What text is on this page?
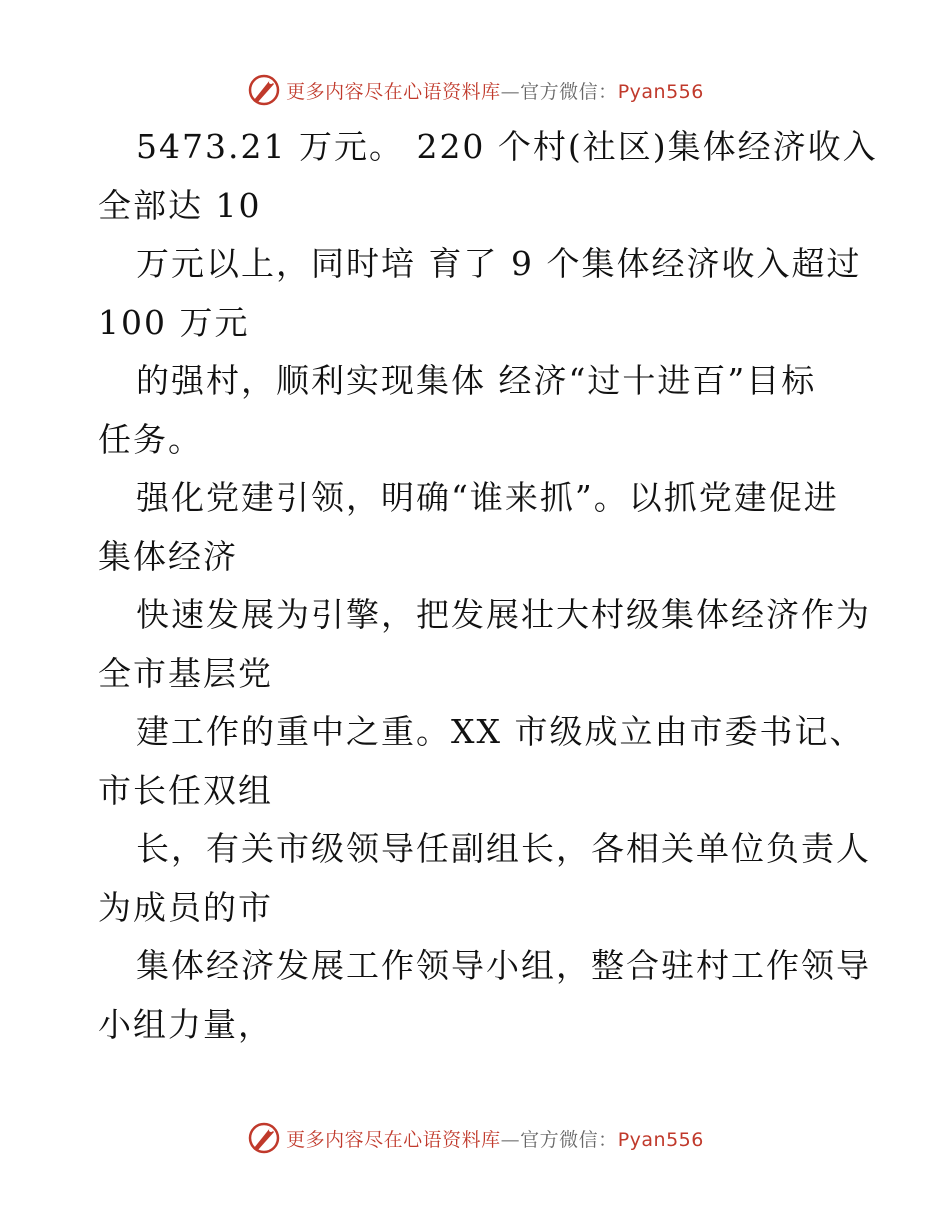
更多内容尽在心语资料库—官方微信：Pyan556
5473.21 万元。 220 个村(社区)集体经济收入
全部达 10
万元以上，同时培 育了 9 个集体经济收入超过
100 万元
的强村，顺利实现集体 经济“过十进百”目标
任务。
强化党建引领，明确“谁来抓”。以抓党建促进
集体经济
快速发展为引擎，把发展壮大村级集体经济作为
全市基层党
建工作的重中之重。XX 市级成立由市委书记、
市长任双组
长，有关市级领导任副组长，各相关单位负责人
为成员的市
集体经济发展工作领导小组，整合驻村工作领导
小组力量，
更多内容尽在心语资料库—官方微信：Pyan556
